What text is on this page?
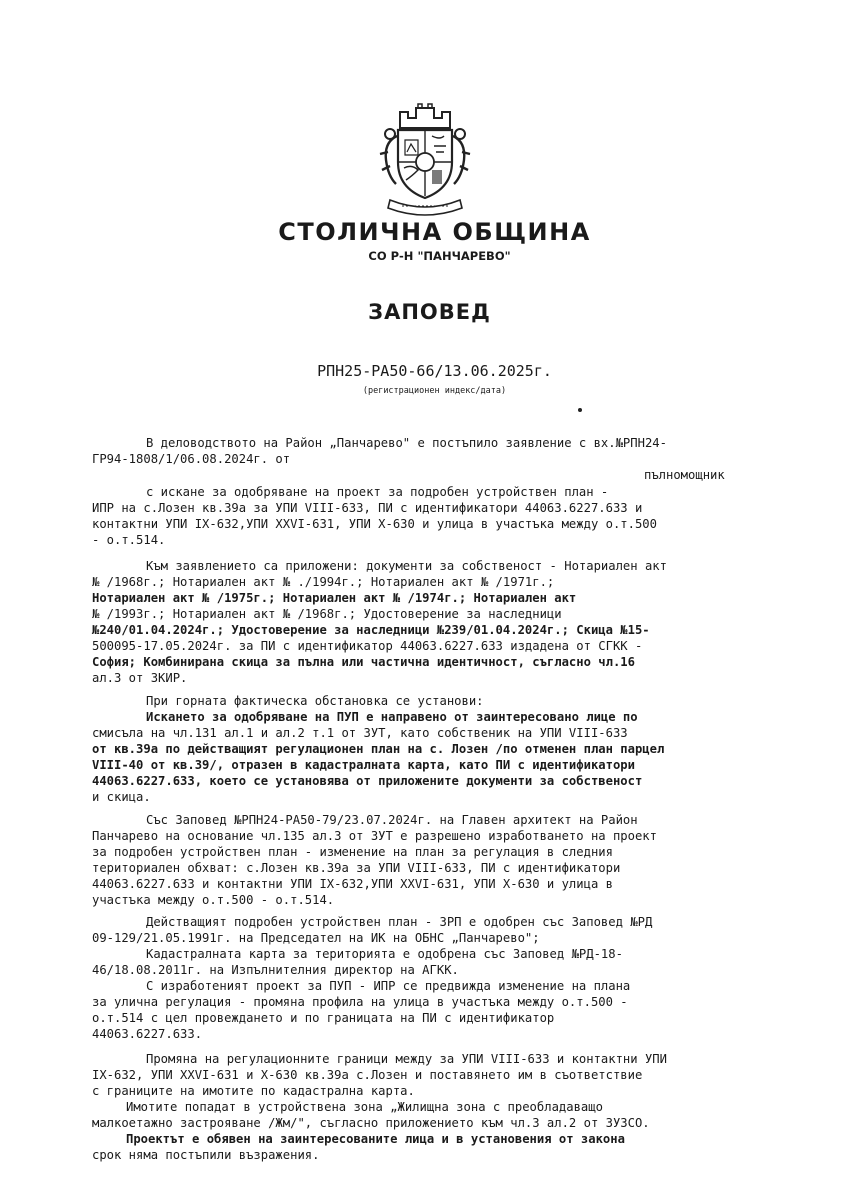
СТОЛИЧНА ОБЩИНА
СО Р-Н "ПАНЧАРЕВО"
ЗАПОВЕД
РПН25-РА50-66/13.06.2025г.
(регистрационен индекс/дата)
В деловодството на Район „Панчарево" е постъпило заявление с вх.№РПН24-
ГР94-1808/1/06.08.2024г. от
пълномощник
с искане за одобряване на проект за подробен устройствен план -
ИПР на с.Лозен кв.39а за УПИ VIII-633, ПИ с идентификатори 44063.6227.633 и
контактни УПИ IX-632,УПИ XXVI-631, УПИ X-630 и улица в участъка между о.т.500
- о.т.514.
Към заявлението са приложени: документи за собственост - Нотариален акт
№ /1968г.; Нотариален акт № ./1994г.; Нотариален акт № /1971г.;
Нотариален акт № /1975г.; Нотариален акт № /1974г.; Нотариален акт
№ /1993г.; Нотариален акт № /1968г.; Удостоверение за наследници
№240/01.04.2024г.; Удостоверение за наследници №239/01.04.2024г.; Скица №15-
500095-17.05.2024г. за ПИ с идентификатор 44063.6227.633 издадена от СГКК -
София; Комбинирана скица за пълна или частична идентичност, съгласно чл.16
ал.3 от ЗКИР.
При горната фактическа обстановка се установи:
Искането за одобряване на ПУП е направено от заинтересовано лице по
смисъла на чл.131 ал.1 и ал.2 т.1 от ЗУТ, като собственик на УПИ VIII-633
от кв.39а по действащият регулационен план на с. Лозен /по отменен план парцел
VIII-40 от кв.39/, отразен в кадастралната карта, като ПИ с идентификатори
44063.6227.633, което се установява от приложените документи за собственост
и скица.
Със Заповед №РПН24-РА50-79/23.07.2024г. на Главен архитект на Район
Панчарево на основание чл.135 ал.3 от ЗУТ е разрешено изработването на проект
за подробен устройствен план - изменение на план за регулация в следния
териториален обхват: с.Лозен кв.39а за УПИ VIII-633, ПИ с идентификатори
44063.6227.633 и контактни УПИ IX-632,УПИ XXVI-631, УПИ X-630 и улица в
участъка между о.т.500 - о.т.514.
Действащият подробен устройствен план - ЗРП е одобрен със Заповед №РД
09-129/21.05.1991г. на Председател на ИК на ОБНС „Панчарево";
Кадастралната карта за територията е одобрена със Заповед №РД-18-
46/18.08.2011г. на Изпълнителния директор на АГКК.
С изработеният проект за ПУП - ИПР се предвижда изменение на плана
за улична регулация - промяна профила на улица в участъка между о.т.500 -
о.т.514 с цел провеждането и по границата на ПИ с идентификатор
44063.6227.633.
Промяна на регулационните граници между за УПИ VIII-633 и контактни УПИ
IX-632, УПИ XXVI-631 и X-630 кв.39а с.Лозен и поставянето им в съответствие
с границите на имотите по кадастрална карта.
Имотите попадат в устройствена зона „Жилищна зона с преобладаващо
малкоетажно застрояване /Жм/", съгласно приложението към чл.3 ал.2 от ЗУЗСО.
Проектът е обявен на заинтересованите лица и в установения от закона
срок няма постъпили възражения.
